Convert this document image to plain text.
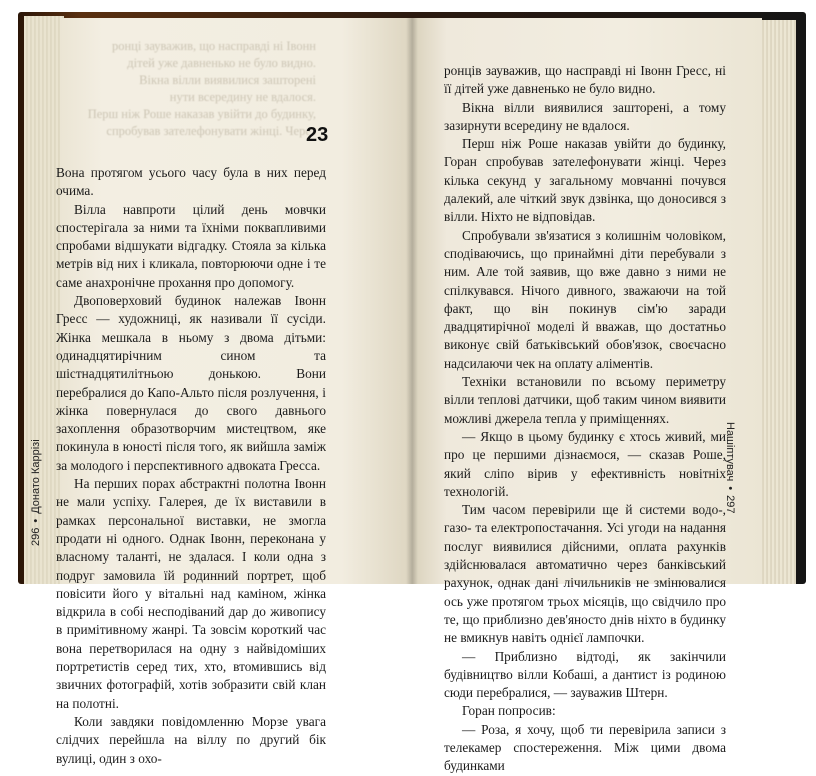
ронці зауважив, що насправді ні Івонн
дітей уже давненько не було видно.
Вікна вілли виявилися зашторені
нути всередину не вдалося.
Перш ніж Роше наказав увійти до будинку,
спробував зателефонувати жінці. Через
23

Вона протягом усього часу була в них перед очима.

Вілла навпроти цілий день мовчки спостерігала за ними та їхніми поквапливими спробами відшукати відгадку. Стояла за кілька метрів від них і кликала, повторюючи одне і те саме анахронічне прохання про допомогу.

Двоповерховий будинок належав Івонн Гресс — художниці, як називали її сусіди. Жінка мешкала в ньому з двома дітьми: одинадцятирічним сином та шістнадцятилітньою донькою. Вони перебралися до Капо-Альто після розлучення, і жінка повернулася до свого давнього захоплення образотворчим мистецтвом, яке покинула в юності після того, як вийшла заміж за молодого і перспективного адвоката Гресса.

На перших порах абстрактні полотна Івонн не мали успіху. Галерея, де їх виставили в рамках персональної виставки, не змогла продати ні одного. Однак Івонн, переконана у власному таланті, не здалася. І коли одна з подруг замовила їй родинний портрет, щоб повісити його у вітальні над каміном, жінка відкрила в собі несподіваний дар до живопису в примітивному жанрі. Та зовсім короткий час вона перетворилася на одну з найвідоміших портретистів серед тих, хто, втомившись від звичних фотографій, хотів зобразити свій клан на полотні.

Коли завдяки повідомленню Морзе увага слідчих перейшла на віллу по другий бік вулиці, один з охо-

296•Донато Каррізі

ронців зауважив, що насправді ні Івонн Гресс, ні її дітей уже давненько не було видно.

Вікна вілли виявилися зашторені, а тому зазирнути всередину не вдалося.

Перш ніж Роше наказав увійти до будинку, Горан спробував зателефонувати жінці. Через кілька секунд у загальному мовчанні почувся далекий, але чіткий звук дзвінка, що доносився з вілли. Ніхто не відповідав.

Спробували зв'язатися з колишнім чоловіком, сподіваючись, що принаймні діти перебували з ним. Але той заявив, що вже давно з ними не спілкувався. Нічого дивного, зважаючи на той факт, що він покинув сім'ю заради двадцятирічної моделі й вважав, що достатньо виконує свій батьківський обов'язок, своєчасно надсилаючи чек на оплату аліментів.

Техніки встановили по всьому периметру вілли теплові датчики, щоб таким чином виявити можливі джерела тепла у приміщеннях.

— Якщо в цьому будинку є хтось живий, ми про це першими дізнаємося, — сказав Роше, який сліпо вірив у ефективність новітніх технологій.

Тим часом перевірили ще й системи водо-, газо- та електропостачання. Усі угоди на надання послуг виявилися дійсними, оплата рахунків здійснювалася автоматично через банківський рахунок, однак дані лічильників не змінювалися ось уже протягом трьох місяців, що свідчило про те, що приблизно дев'яносто днів ніхто в будинку не вмикнув навіть однієї лампочки.

— Приблизно відтоді, як закінчили будівництво вілли Кобаші, а дантист із родиною сюди перебралися, — зауважив Штерн.

Горан попросив:

— Роза, я хочу, щоб ти перевірила записи з телекамер спостереження. Між цими двома будинками

Нашіптувач•297
